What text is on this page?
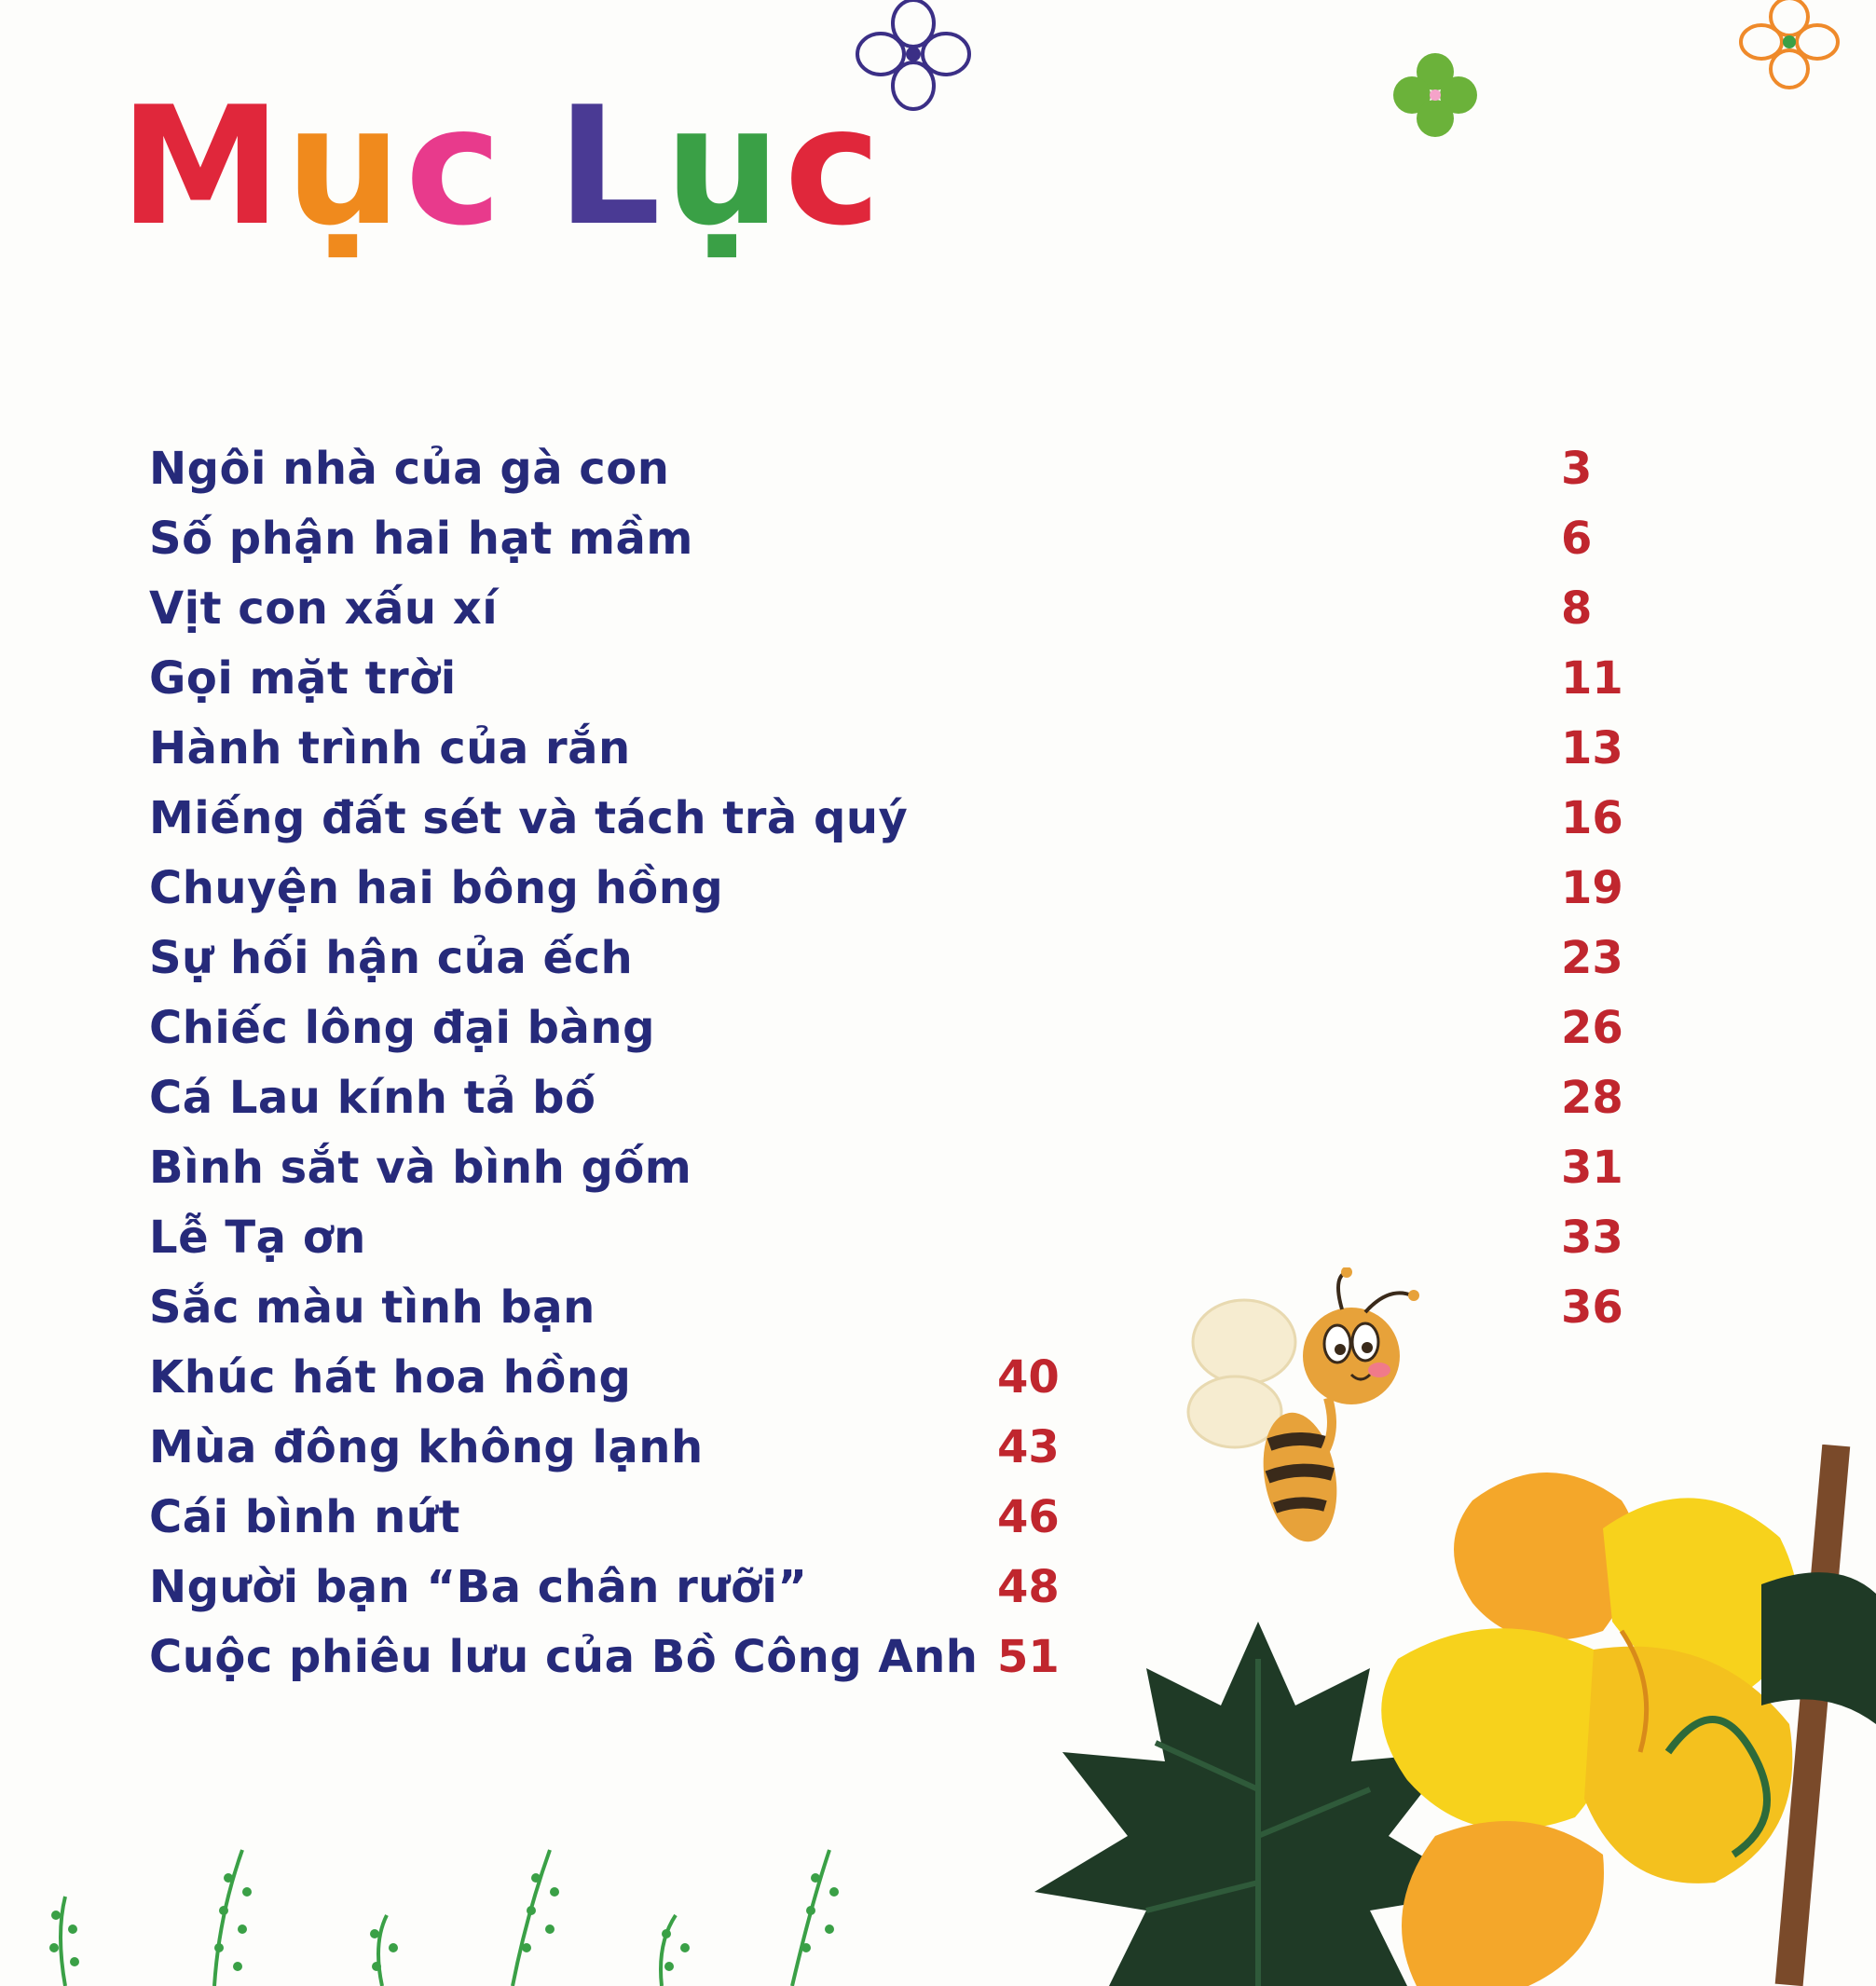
Mục Lục
Ngôi nhà của gà con	3
Số phận hai hạt mầm	6
Vịt con xấu xí	8
Gọi mặt trời	11
Hành trình của rắn	13
Miếng đất sét và tách trà quý	16
Chuyện hai bông hồng	19
Sự hối hận của ếch	23
Chiếc lông đại bàng	26
Cá Lau kính tả bố	28
Bình sắt và bình gốm	31
Lễ Tạ ơn	33
Sắc màu tình bạn	36
Khúc hát hoa hồng	40
Mùa đông không lạnh	43
Cái bình nứt	46
Người bạn “Ba chân rưỡi”	48
Cuộc phiêu lưu của Bồ Công Anh 51
